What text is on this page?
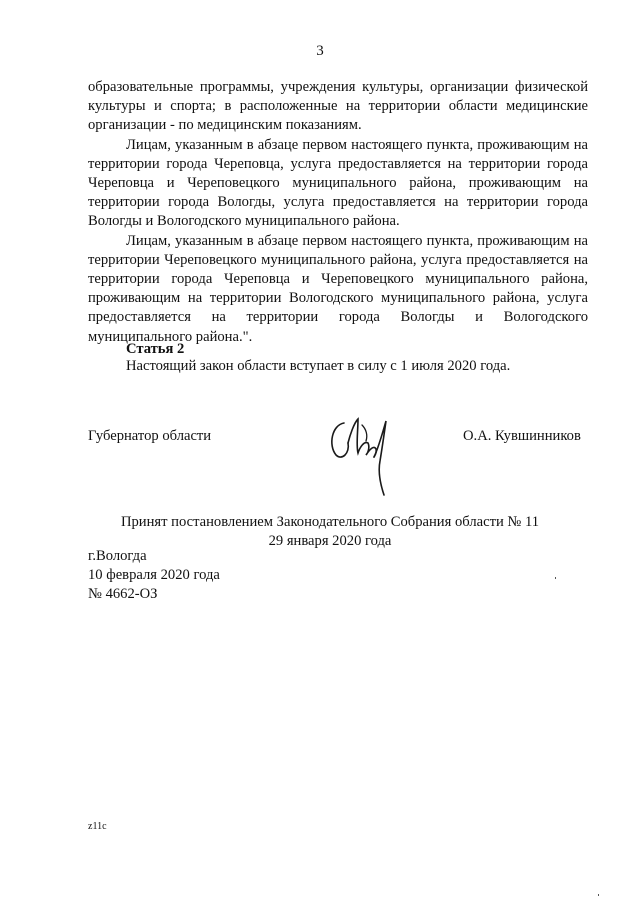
3

образовательные программы, учреждения культуры, организации физической культуры и спорта; в расположенные на территории области медицинские организации - по медицинским показаниям.

Лицам, указанным в абзаце первом настоящего пункта, проживающим на территории города Череповца, услуга предоставляется на территории города Череповца и Череповецкого муниципального района, проживающим на территории города Вологды, услуга предоставляется на территории города Вологды и Вологодского муниципального района.

Лицам, указанным в абзаце первом настоящего пункта, проживающим на территории Череповецкого муниципального района, услуга предоставляется на территории города Череповца и Череповецкого муниципального района, проживающим на территории Вологодского муниципального района, услуга предоставляется на территории города Вологды и Вологодского муниципального района.".

Статья 2
Настоящий закон области вступает в силу с 1 июля 2020 года.
Губернатор области	О.А. Кувшинников
Принят постановлением Законодательного Собрания области № 11
29 января 2020 года
г.Вологда
10 февраля 2020 года
№ 4662-ОЗ
z11c
